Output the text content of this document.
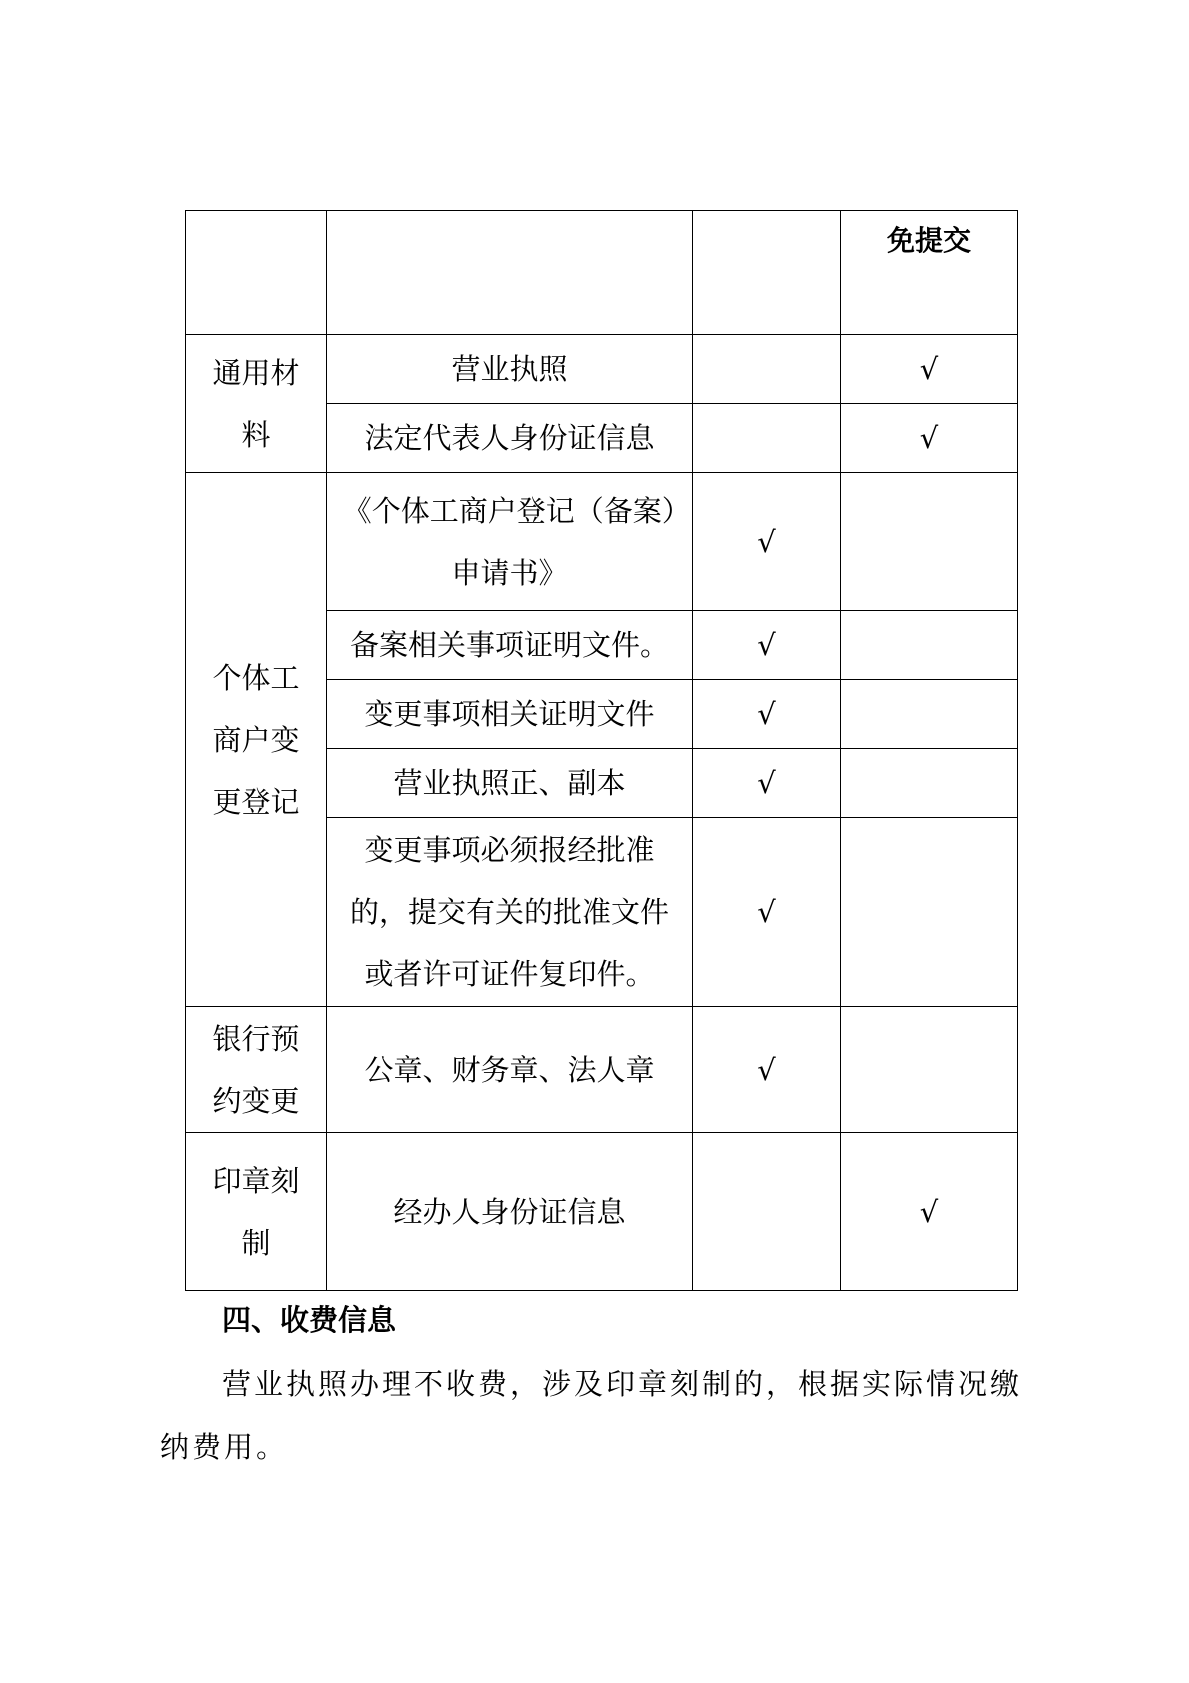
			免提交

通用材料	营业执照		√
	法定代表人身份证信息		√
个体工商户变更登记	《个体工商户登记（备案）申请书》	√	
	备案相关事项证明文件。	√	
	变更事项相关证明文件	√	
	营业执照正、副本	√	
	变更事项必须报经批准的，提交有关的批准文件或者许可证件复印件。	√	
银行预约变更	公章、财务章、法人章	√	
印章刻制	经办人身份证信息		√
四、收费信息

营业执照办理不收费，涉及印章刻制的，根据实际情况缴纳费用。
